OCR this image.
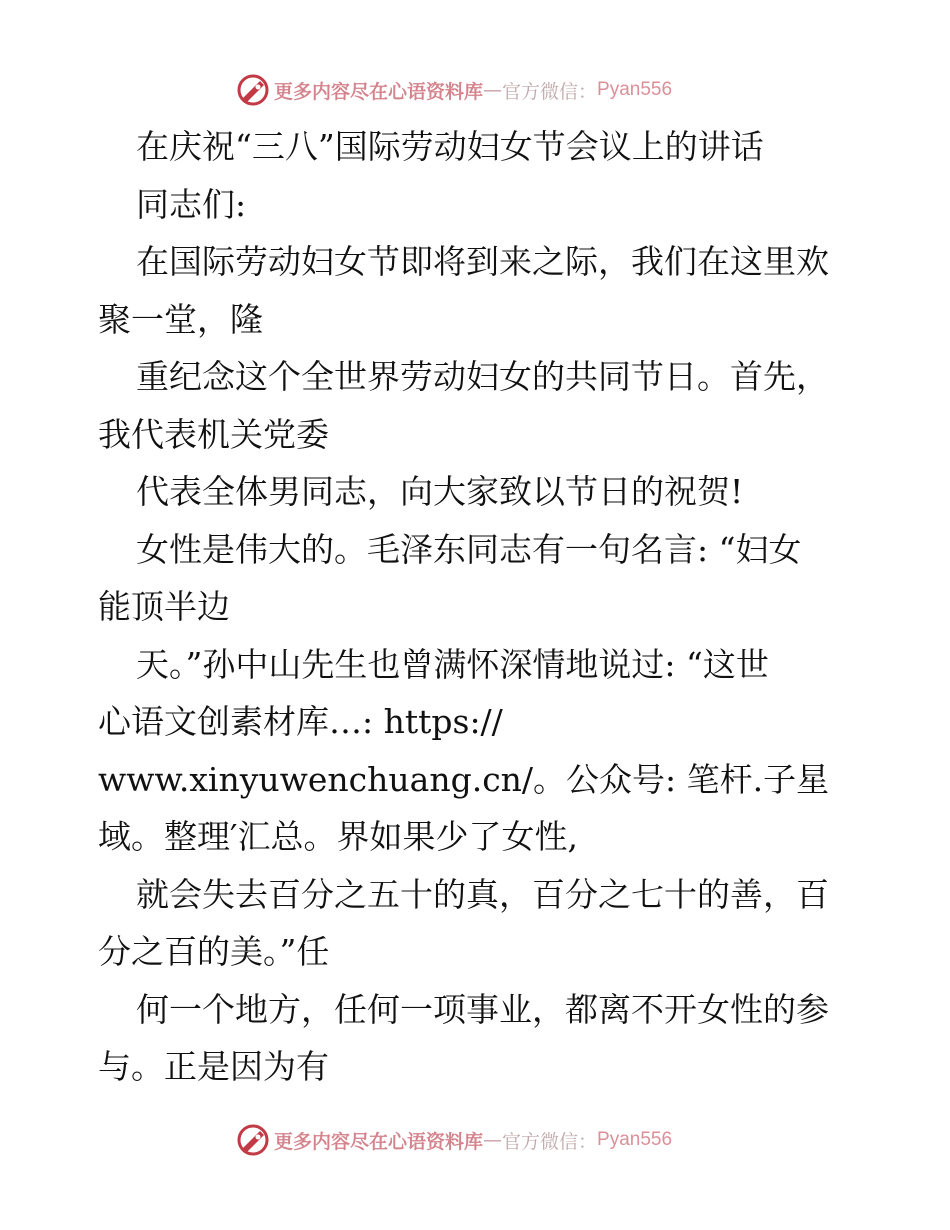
更多内容尽在心语资料库 — 官方微信： Pyan556
在庆祝“三八”国际劳动妇女节会议上的讲话
同志们:
在国际劳动妇女节即将到来之际，我们在这里欢
聚一堂，隆
重纪念这个全世界劳动妇女的共同节日。首先，
我代表机关党委
代表全体男同志，向大家致以节日的祝贺!
女性是伟大的。毛泽东同志有一句名言: “妇女
能顶半边
天。”孙中山先生也曾满怀深情地说过: “这世
心语文创素材库…: https://
www.xinyuwenchuang.cn/。公众号: 笔杆.子星
域。整理′汇总。界如果少了女性,
就会失去百分之五十的真，百分之七十的善，百
分之百的美。”任
何一个地方，任何一项事业，都离不开女性的参
与。正是因为有
更多内容尽在心语资料库 — 官方微信： Pyan556
